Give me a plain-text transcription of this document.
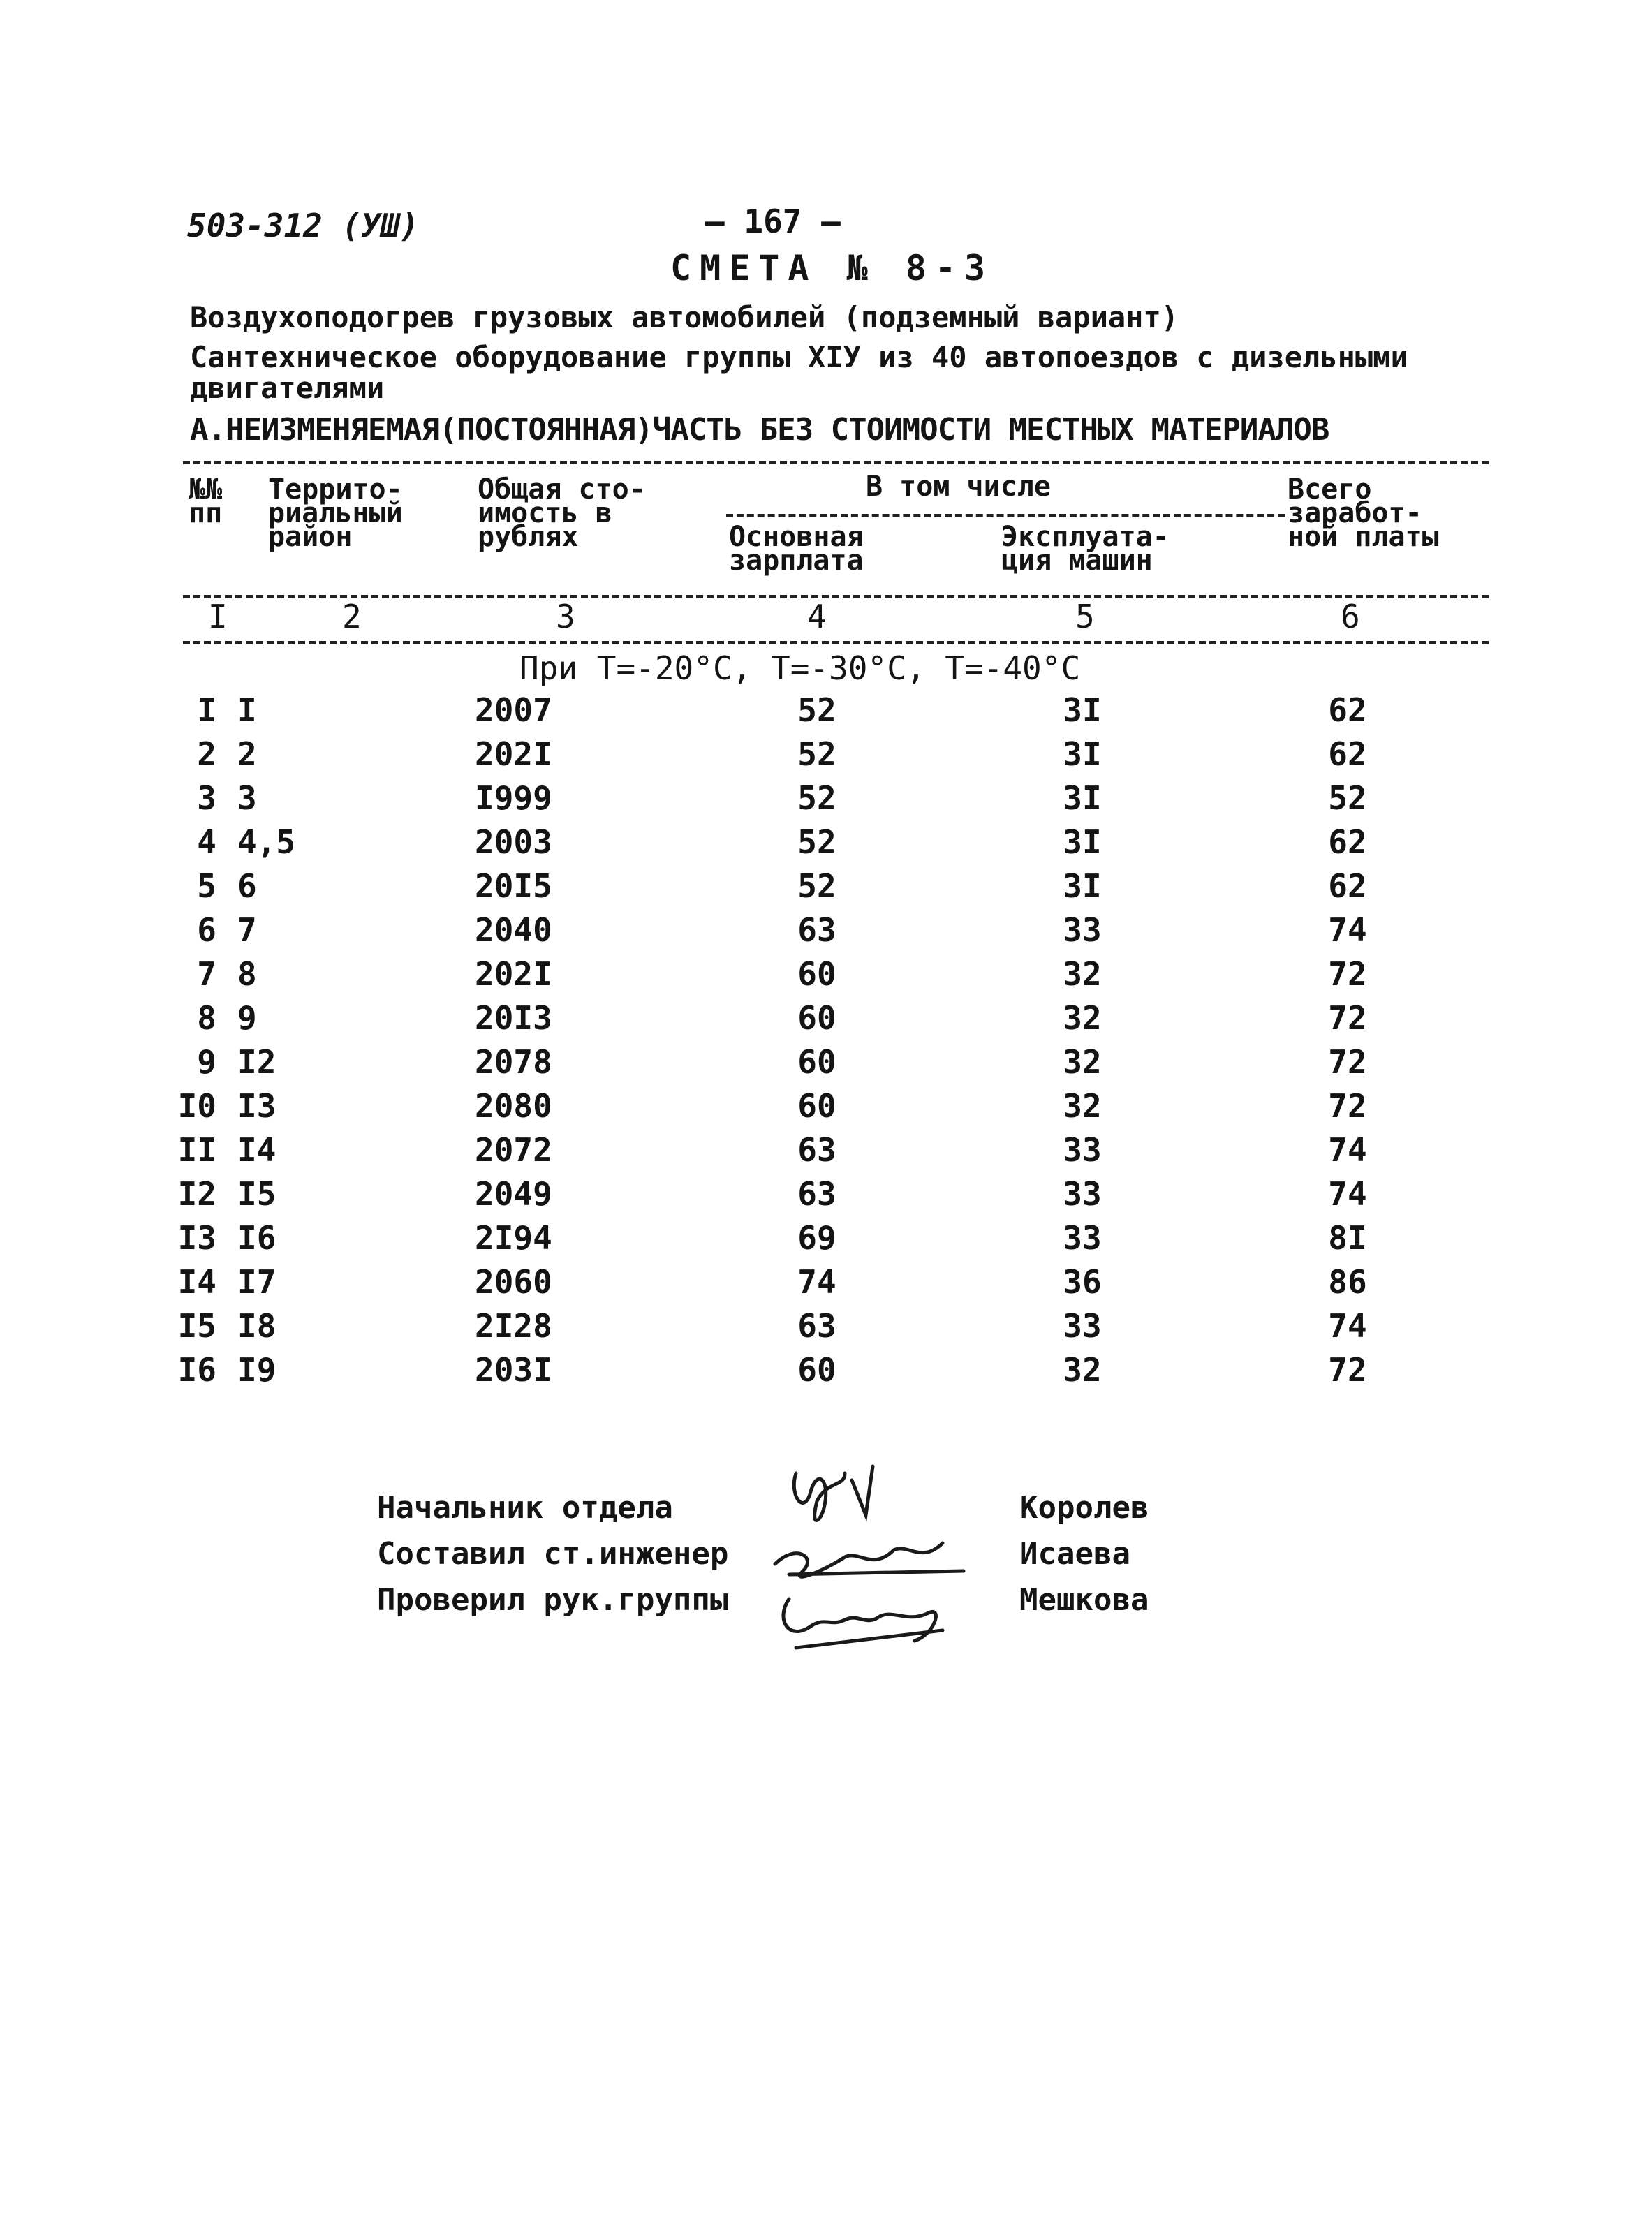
503-312 (УШ)	– 167 –
СМЕТА № 8-3
Воздухоподогрев грузовых автомобилей (подземный вариант)
Сантехническое оборудование группы XIУ из 40 автопоездов с дизельными двигателями
А.НЕИЗМЕНЯЕМАЯ(ПОСТОЯННАЯ)ЧАСТЬ БЕЗ СТОИМОСТИ МЕСТНЫХ МАТЕРИАЛОВ
№№ пп
Террито- риальный район
Общая сто- имость в рублях
В том числе
Основная зарплата
Эксплуата- ция машин
Всего заработ- ной платы
I	2	3	4	5	6
При T=-20°C, T=-30°C, T=-40°C
I I	2007	52	3I	62
2 2	202I	52	3I	62
3 3	I999	52	3I	52
4 4,5	2003	52	3I	62
5 6	20I5	52	3I	62
6 7	2040	63	33	74
7 8	202I	60	32	72
8 9	20I3	60	32	72
9 I2	2078	60	32	72
I0 I3	2080	60	32	72
II I4	2072	63	33	74
I2 I5	2049	63	33	74
I3 I6	2I94	69	33	8I
I4 I7	2060	74	36	86
I5 I8	2I28	63	33	74
I6 I9	203I	60	32	72
Начальник отдела	Королев
Составил ст.инженер	Исаева
Проверил рук.группы	Мешкова
